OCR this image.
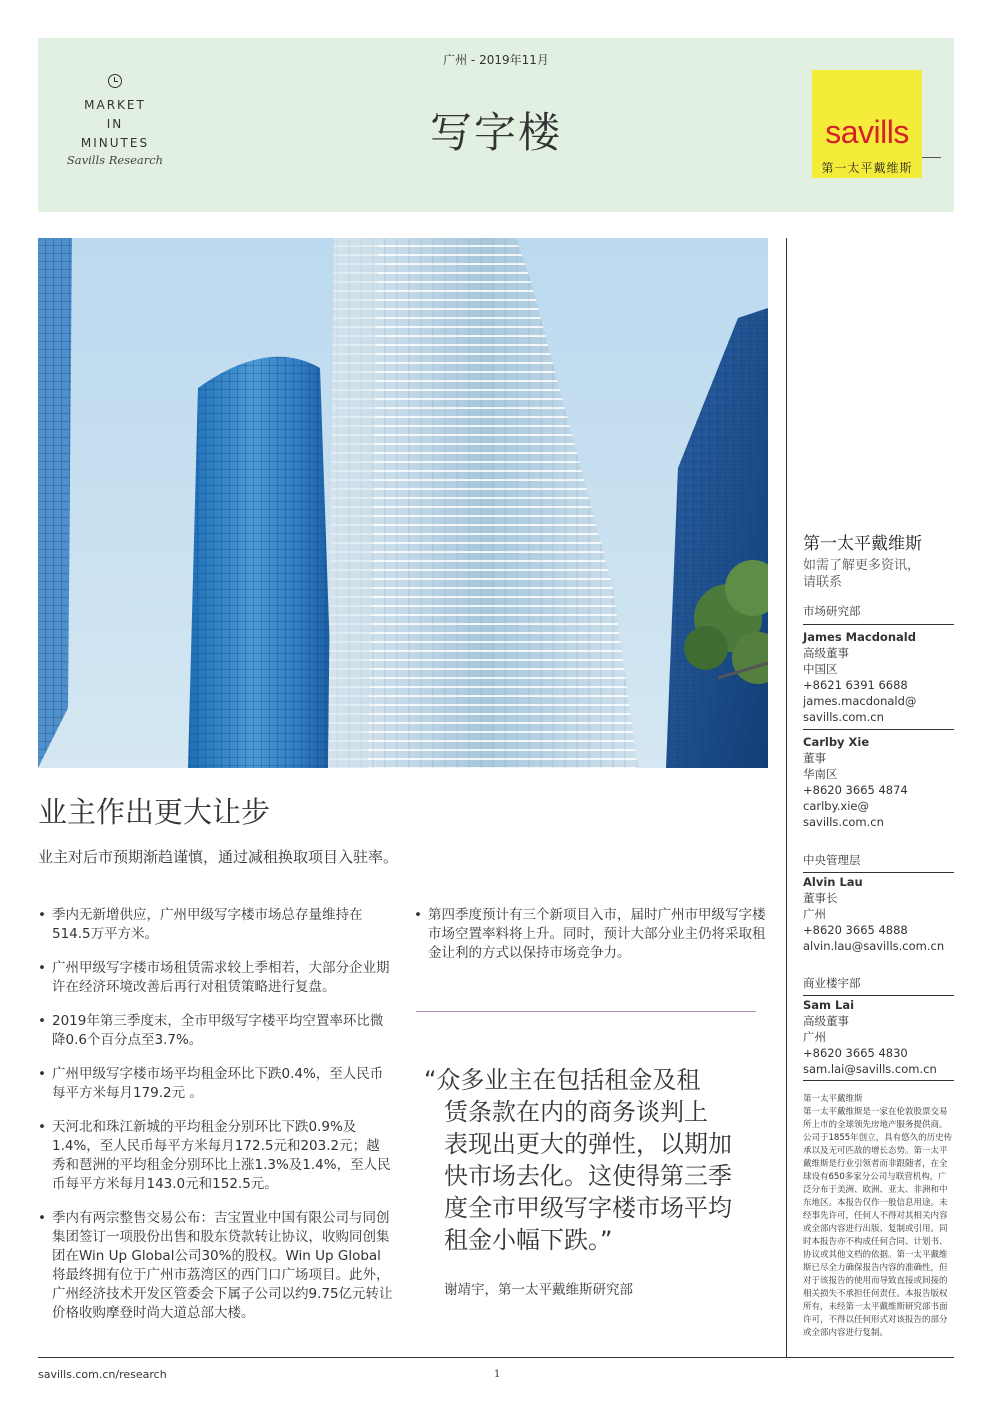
MARKET
IN
MINUTES
Savills Research
广州 - 2019年11月
写字楼	savills
第一太平戴维斯
业主作出更大让步
业主对后市预期渐趋谨慎，通过减租换取项目入驻率。
• 季内无新增供应，广州甲级写字楼市场总存量维持在514.5万平方米。
• 广州甲级写字楼市场租赁需求较上季相若，大部分企业期许在经济环境改善后再行对租赁策略进行复盘。
• 2019年第三季度末，全市甲级写字楼平均空置率环比微降0.6个百分点至3.7%。
• 广州甲级写字楼市场平均租金环比下跌0.4%，至人民币每平方米每月179.2元 。
• 天河北和珠江新城的平均租金分别环比下跌0.9%及1.4%，至人民币每平方米每月172.5元和203.2元；越秀和琶洲的平均租金分别环比上涨1.3%及1.4%，至人民币每平方米每月143.0元和152.5元。
• 季内有两宗整售交易公布：吉宝置业中国有限公司与同创集团签订一项股份出售和股东贷款转让协议，收购同创集团在Win Up Global公司30%的股权。Win Up Global将最终拥有位于广州市荔湾区的西门口广场项目。此外，广州经济技术开发区管委会下属子公司以约9.75亿元转让价格收购摩登时尚大道总部大楼。
• 第四季度预计有三个新项目入市，届时广州市甲级写字楼市场空置率料将上升。同时，预计大部分业主仍将采取租金让利的方式以保持市场竞争力。
“众多业主在包括租金及租
赁条款在内的商务谈判上
表现出更大的弹性，以期加
快市场去化。这使得第三季
度全市甲级写字楼市场平均
租金小幅下跌。”
谢靖宇，第一太平戴维斯研究部
第一太平戴维斯
如需了解更多资讯，
请联系
市场研究部
James Macdonald
高级董事
中国区
+8621 6391 6688
james.macdonald@
savills.com.cn
Carlby Xie
董事
华南区
+8620 3665 4874
carlby.xie@
savills.com.cn
中央管理层
Alvin Lau
董事长
广州
+8620 3665 4888
alvin.lau@savills.com.cn
商业楼宇部
Sam Lai
高级董事
广州
+8620 3665 4830
sam.lai@savills.com.cn
第一太平戴维斯
第一太平戴维斯是一家在伦敦股票交易所上市的全球领先房地产服务提供商。公司于1855年创立，具有悠久的历史传承以及无可匹敌的增长态势。第一太平戴维斯是行业引领者而非跟随者，在全球设有650多家分公司与联营机构，广泛分布于美洲、欧洲、亚太、非洲和中东地区。本报告仅作一般信息用途。未经事先许可，任何人不得对其相关内容或全部内容进行出版、复制或引用。同时本报告亦不构成任何合同、计划书、协议或其他文档的依据。第一太平戴维斯已尽全力确保报告内容的准确性，但对于该报告的使用而导致直接或间接的相关损失不承担任何责任。本报告版权所有，未经第一太平戴维斯研究部书面许可，不得以任何形式对该报告的部分或全部内容进行复制。
savills.com.cn/research	1
